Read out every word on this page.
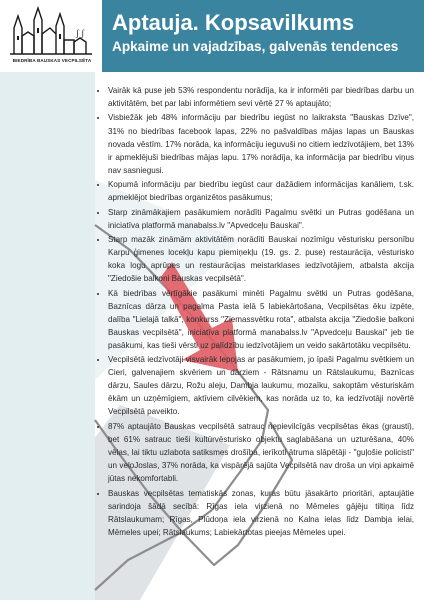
ʃ ʃ
BIEDRĪBA BAUSKAS VECPILSĒTA
Aptauja. Kopsavilkums
Apkaime un vajadzības, galvenās tendences
• Vairāk kā puse jeb 53% respondentu norādīja, ka ir informēti par biedrības darbu un aktivitātēm, bet par labi informētiem sevi vērtē 27 % aptaujāto;
• Visbiežāk jeb 48% informāciju par biedrību iegūst no laikraksta "Bauskas Dzīve", 31% no biedrības facebook lapas, 22% no pašvaldības mājas lapas un Bauskas novada vēstīm. 17% norāda, ka informāciju ieguvuši no citiem iedzīvotājiem, bet 13% ir apmeklējuši biedrības mājas lapu. 17% norādīja, ka informācija par biedrību viņus nav sasniegusi.
• Kopumā informāciju par biedrību iegūst caur dažādiem informācijas kanāliem, t.sk. apmeklējot biedrības organizētos pasākumus;
• Starp zināmākajiem pasākumiem norādīti Pagalmu svētki un Putras godēšana un iniciatīva platformā manabalss.lv "Apvedceļu Bauskai".
• Starp mazāk zināmām aktivitātēm norādīti Bauskai nozīmīgu vēsturisku personību Karpu ģimenes locekļu kapu piemiņekļu (19. gs. 2. puse) restaurācija, vēsturisko koka logu aprūpes un restaurācijas meistarklases iedzīvotājiem, atbalsta akcija "Ziedošie balkoni Bauskas vecpilsētā".
• Kā biedrības vērtīgākie pasākumi minēti Pagalmu svētki un Putras godēšana, Baznīcas dārza un pagalma Pasta ielā 5 labiekārtošana, Vecpilsētas ēku izpēte, dalība "Lielajā talkā", konkurss "Ziemassvētku rota", atbalsta akcija "Ziedošie balkoni Bauskas vecpilsētā", iniciatīva platformā manabalss.lv "Apvedceļu Bauskai" jeb tie pasākumi, kas tieši vērsti uz palīdzību iedzīvotājiem un veido sakārtotāku vecpilsētu.
• Vecpilsētā iedzīvotāji visvairāk lepojas ar pasākumiem, jo īpaši Pagalmu svētkiem un Cieri, galvenajiem skvēriem un dārziem - Rātsnamu un Rātslaukumu, Baznīcas dārzu, Saules dārzu, Rožu aleju, Dambja laukumu, mozaīku, sakoptām vēsturiskām ēkām un uzņēmīgiem, aktīviem cilvēkiem, kas norāda uz to, ka iedzīvotāji novērtē Vecpilsētā paveikto.
• 87% aptaujāto Bauskas vecpilsētā satrauc nepievilcīgās vecpilsētas ēkas (grausti), bet 61% satrauc tieši kultūrvēsturisko objektu saglabāšana un uzturēšana, 40% vēlas, lai tiktu uzlabota satiksmes drošība, ierīkoti ātruma slāpētāji - "guļošie policisti" un veloJoslas, 37% norāda, ka vispārējā sajūta Vecpilsētā nav droša un viņi apkaimē jūtas nekomfortabli.
• Bauskas vecpilsētas tematiskās zonas, kuras būtu jāsakārto prioritāri, aptaujātie sarindoja šādā secībā: Rīgas iela virzienā no Mēmeles gājēju tiltiņa līdz Rātslaukumam; Rīgas, Plūdoņa iela virzienā no Kalna ielas līdz Dambja ielai, Mēmeles upei; Rātslaukums; Labiekārtotas pieejas Mēmeles upei.
